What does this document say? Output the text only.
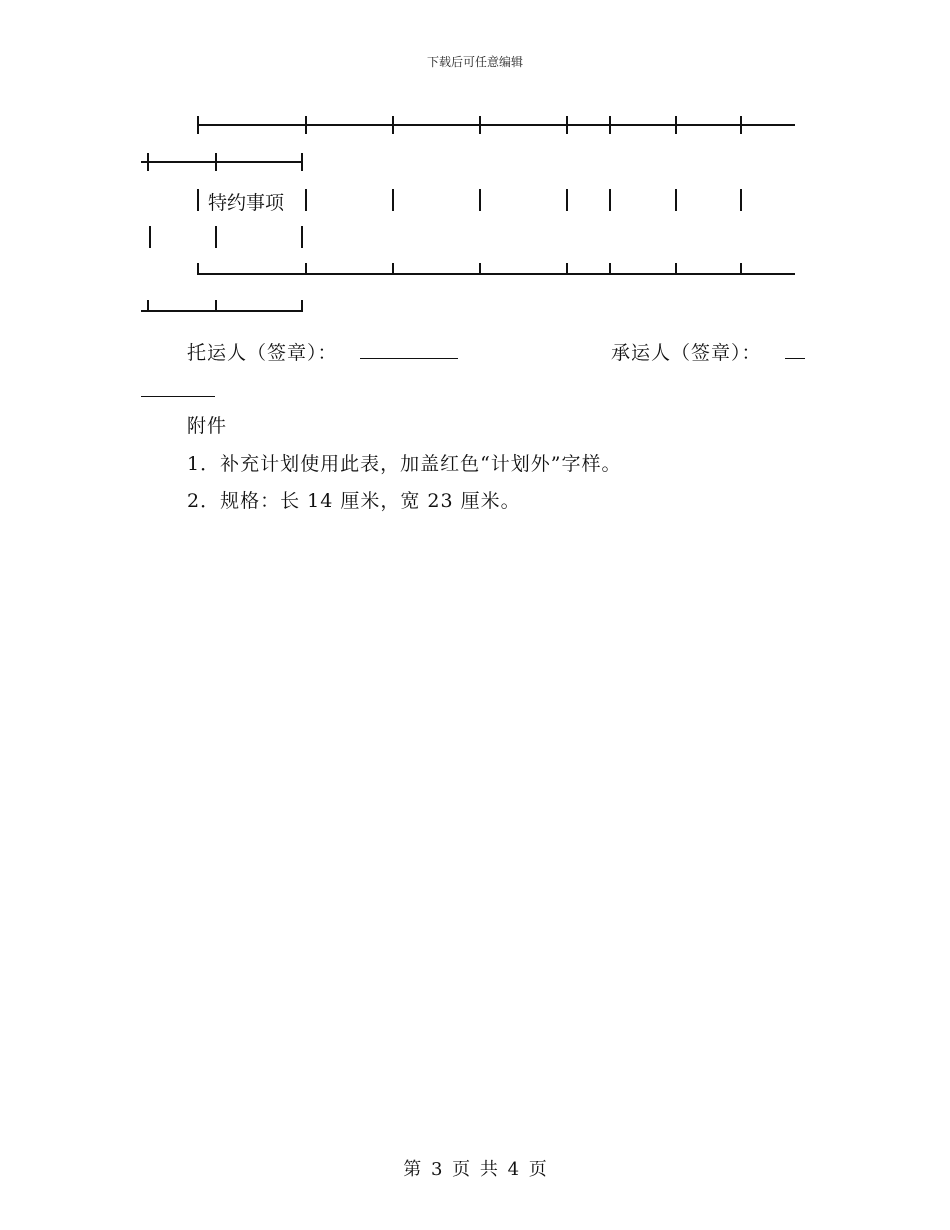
下载后可任意编辑
特约事项
托运人（签章）：	承运人（签章）：
附件
1．补充计划使用此表，加盖红色“计划外”字样。
2．规格：长 14 厘米，宽 23 厘米。
第 3 页 共 4 页
